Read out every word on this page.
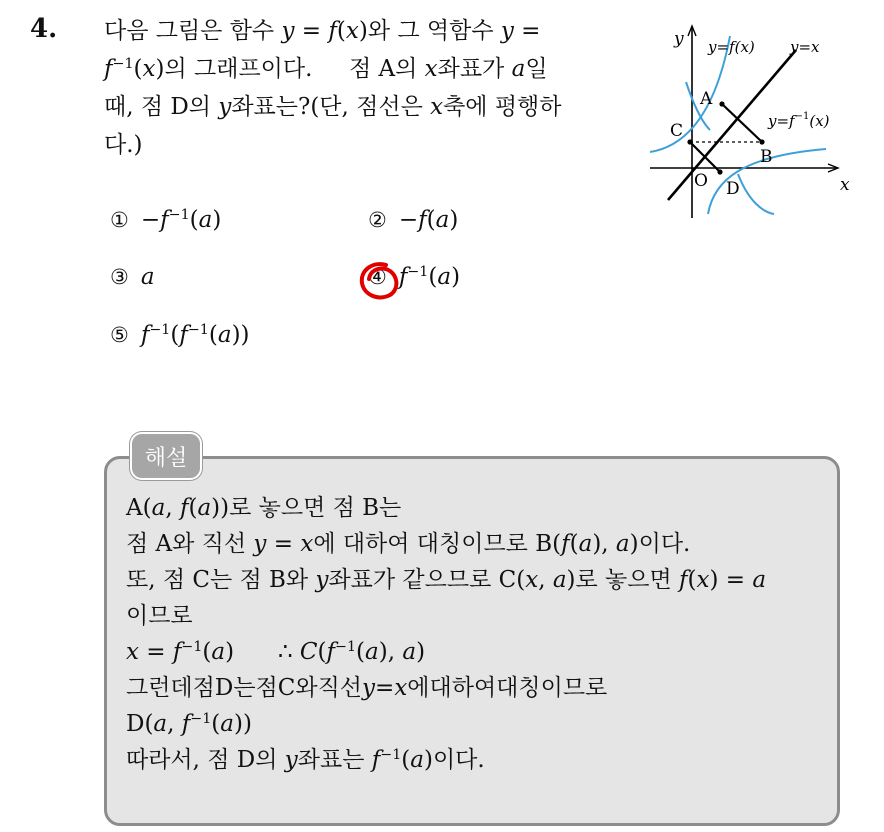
4. 다음 그림은 함수 y = f(x)와 그 역함수 y =
$f^{-1}(x)$의 그래프이다.     점 A의 x좌표가 a일
때, 점 D의 y좌표는?(단, 점선은 x축에 평행하
다.)
y
x
y=f(x) y=x
$y=f^{-1}(x)$
A
B
C
D
O
① $-f^{-1}(a)$	② −f(a)
③ a	④ $f^{-1}(a)$
⑤ $f^{-1}(f^{-1}(a))$
해설
A(a, f(a))로 놓으면 점 B는
점 A와 직선 y = x에 대하여 대칭이므로 B(f(a), a)이다.
또, 점 C는 점 B와 y좌표가 같으므로 C(x, a)로 놓으면 f(x) = a
이므로
$x = f^{-1}(a)$      ∴ $C(f^{-1}(a)$, a)
그런데점D는점C와직선y=x에대하여대칭이므로
D(a, $f^{-1}(a)$)
따라서, 점 D의 y좌표는 $f^{-1}(a)$이다.
